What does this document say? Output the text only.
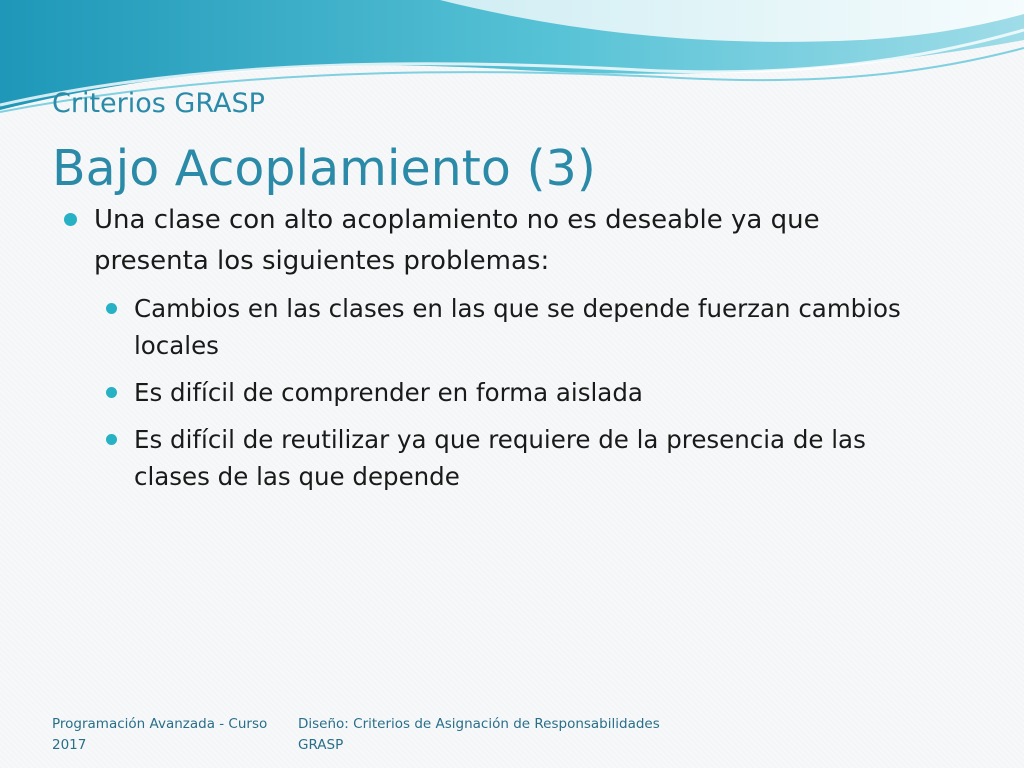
Criterios GRASP
Bajo Acoplamiento (3)

Una clase con alto acoplamiento no es deseable ya que presenta los siguientes problemas:

Cambios en las clases en las que se depende fuerzan cambios locales

Es difícil de comprender en forma aislada

Es difícil de reutilizar ya que requiere de la presencia de las clases de las que depende

Programación Avanzada - Curso 2017
Diseño: Criterios de Asignación de Responsabilidades GRASP
